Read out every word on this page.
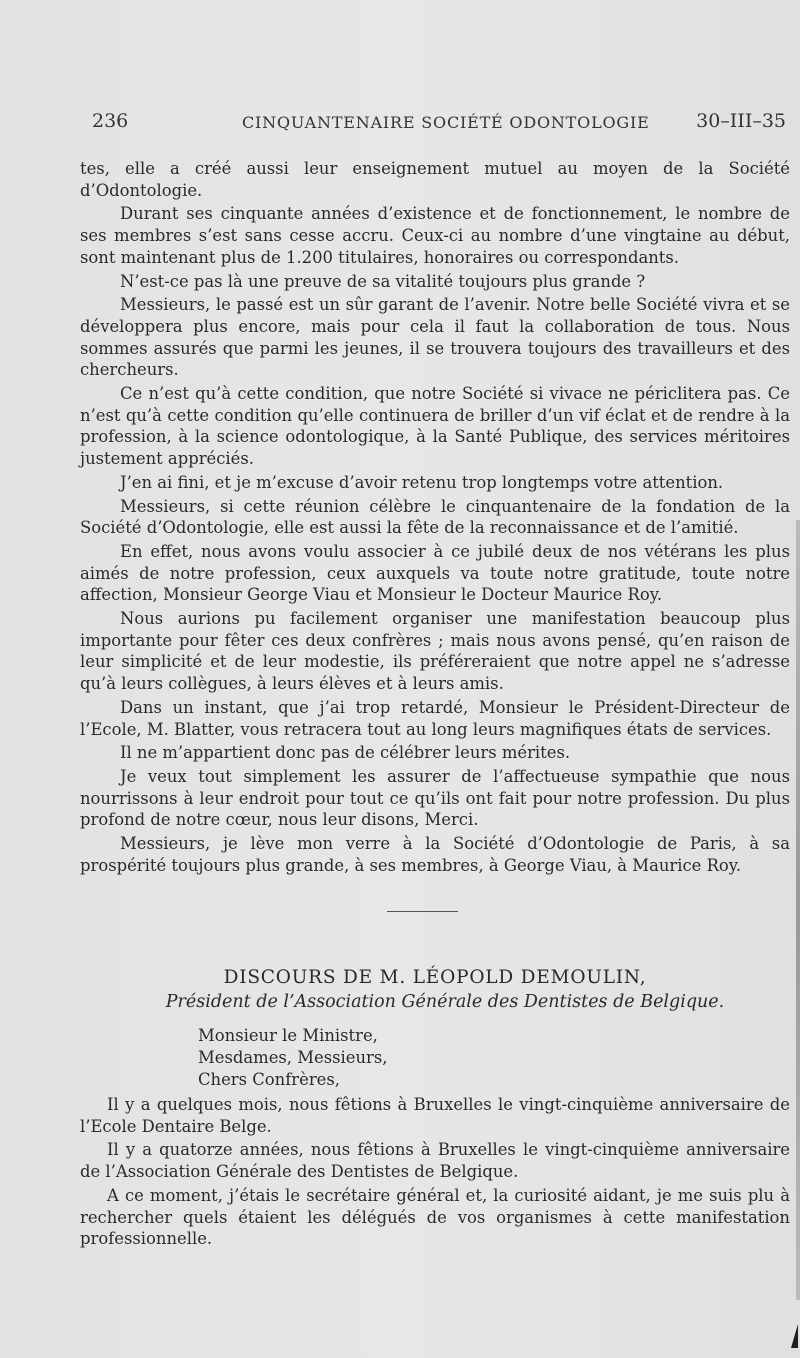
236	CINQUANTENAIRE SOCIÉTÉ ODONTOLOGIE 30–III–35

tes, elle a créé aussi leur enseignement mutuel au moyen de la Société d’Odontologie.

Durant ses cinquante années d’existence et de fonctionnement, le nombre de ses membres s’est sans cesse accru. Ceux-ci au nombre d’une vingtaine au début, sont maintenant plus de 1.200 titulaires, honoraires ou correspondants.

N’est-ce pas là une preuve de sa vitalité toujours plus grande ?

Messieurs, le passé est un sûr garant de l’avenir. Notre belle Société vivra et se développera plus encore, mais pour cela il faut la collaboration de tous. Nous sommes assurés que parmi les jeunes, il se trouvera toujours des travailleurs et des chercheurs.

Ce n’est qu’à cette condition, que notre Société si vivace ne périclitera pas. Ce n’est qu’à cette condition qu’elle continuera de briller d’un vif éclat et de rendre à la profession, à la science odontologique, à la Santé Publique, des services méritoires justement appréciés.

J’en ai fini, et je m’excuse d’avoir retenu trop longtemps votre attention.

Messieurs, si cette réunion célèbre le cinquantenaire de la fondation de la Société d’Odontologie, elle est aussi la fête de la reconnaissance et de l’amitié.

En effet, nous avons voulu associer à ce jubilé deux de nos vétérans les plus aimés de notre profession, ceux auxquels va toute notre gratitude, toute notre affection, Monsieur George Viau et Monsieur le Docteur Maurice Roy.

Nous aurions pu facilement organiser une manifestation beaucoup plus importante pour fêter ces deux confrères ; mais nous avons pensé, qu’en raison de leur simplicité et de leur modestie, ils préféreraient que notre appel ne s’adresse qu’à leurs collègues, à leurs élèves et à leurs amis.

Dans un instant, que j’ai trop retardé, Monsieur le Président-Directeur de l’Ecole, M. Blatter, vous retracera tout au long leurs magnifiques états de services.

Il ne m’appartient donc pas de célébrer leurs mérites.

Je veux tout simplement les assurer de l’affectueuse sympathie que nous nourrissons à leur endroit pour tout ce qu’ils ont fait pour notre profession. Du plus profond de notre cœur, nous leur disons, Merci.

Messieurs, je lève mon verre à la Société d’Odontologie de Paris, à sa prospérité toujours plus grande, à ses membres, à George Viau, à Maurice Roy.

DISCOURS DE M. LÉOPOLD DEMOULIN,
Président de l’Association Générale des Dentistes de Belgique.
Monsieur le Ministre,
Mesdames, Messieurs,
Chers Confrères,

Il y a quelques mois, nous fêtions à Bruxelles le vingt-cinquième anniversaire de l’Ecole Dentaire Belge.

Il y a quatorze années, nous fêtions à Bruxelles le vingt-cinquième anniversaire de l’Association Générale des Dentistes de Belgique.

A ce moment, j’étais le secrétaire général et, la curiosité aidant, je me suis plu à rechercher quels étaient les délégués de vos organismes à cette manifestation professionnelle.
